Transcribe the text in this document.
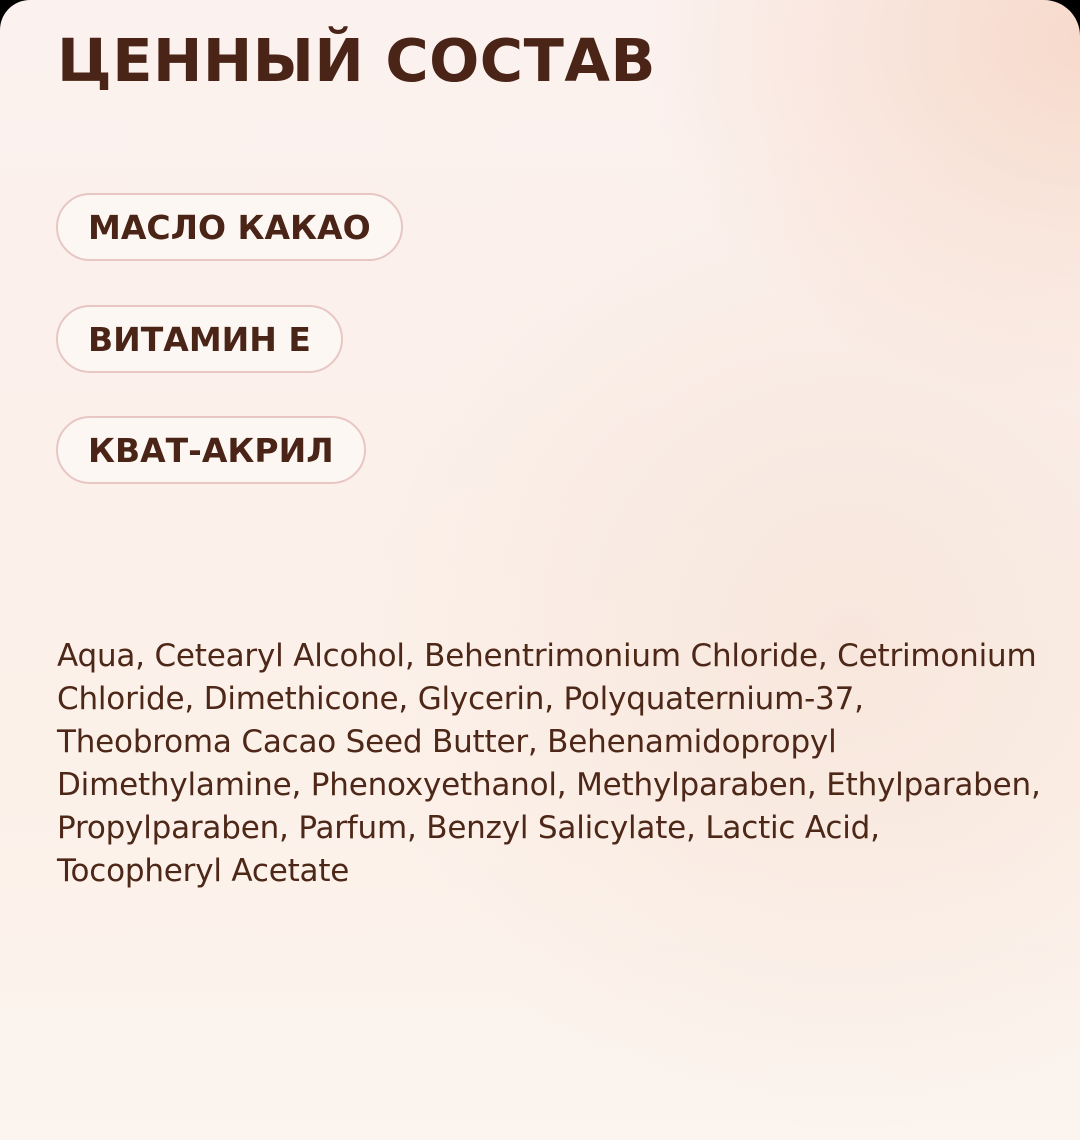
ЦЕННЫЙ СОСТАВ
МАСЛО КАКАО
ВИТАМИН Е
КВАТ-АКРИЛ

Aqua, Cetearyl Alcohol, Behentrimonium Chloride, Cetrimonium Chloride, Dimethicone, Glycerin, Polyquaternium-37, Theobroma Cacao Seed Butter, Behenamidopropyl Dimethylamine, Phenoxyethanol, Methylparaben, Ethylparaben, Propylparaben, Parfum, Benzyl Salicylate, Lactic Acid, Tocopheryl Acetate
